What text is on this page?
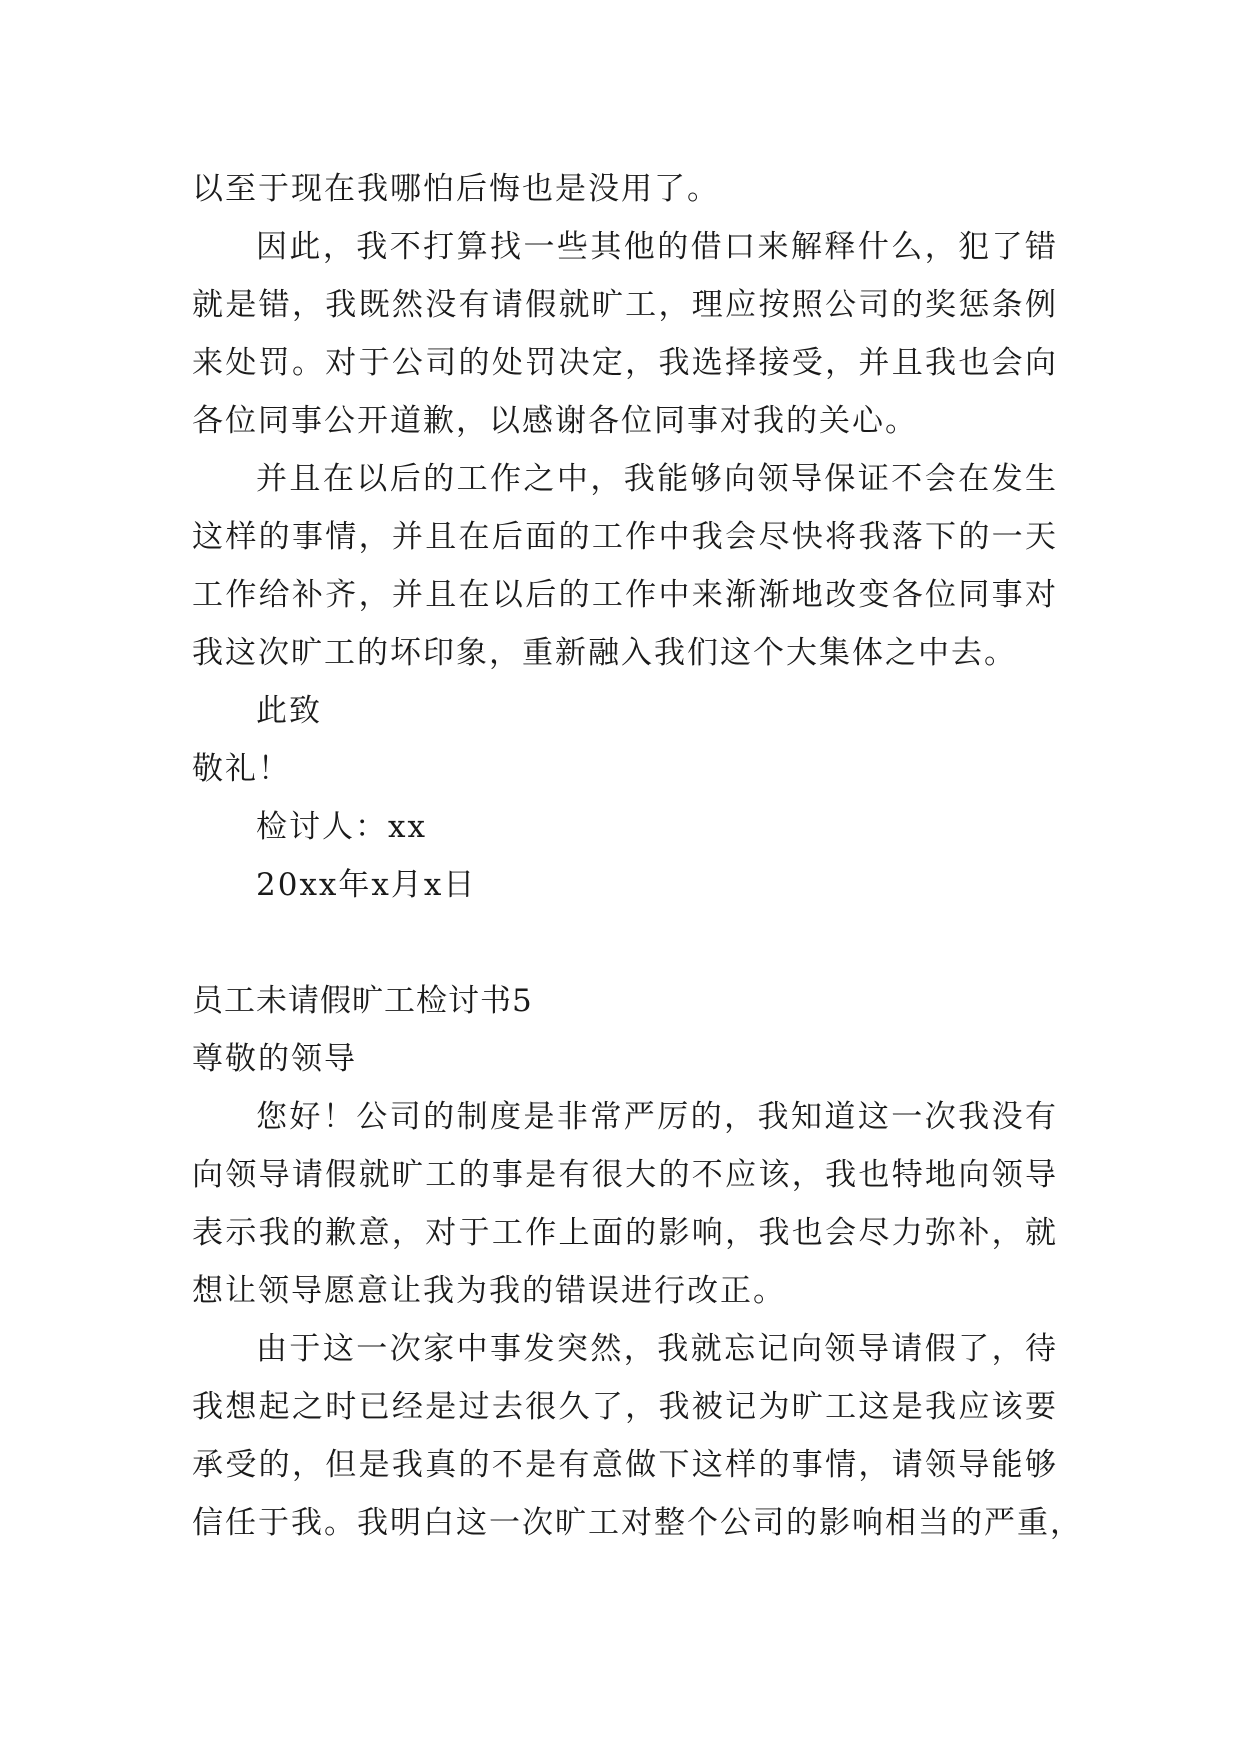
以至于现在我哪怕后悔也是没用了。
因此，我不打算找一些其他的借口来解释什么，犯了错
就是错，我既然没有请假就旷工，理应按照公司的奖惩条例
来处罚。对于公司的处罚决定，我选择接受，并且我也会向
各位同事公开道歉，以感谢各位同事对我的关心。
并且在以后的工作之中，我能够向领导保证不会在发生
这样的事情，并且在后面的工作中我会尽快将我落下的一天
工作给补齐，并且在以后的工作中来渐渐地改变各位同事对
我这次旷工的坏印象，重新融入我们这个大集体之中去。
此致
敬礼！
检讨人：xx
20xx年x月x日
员工未请假旷工检讨书5
尊敬的领导
您好！公司的制度是非常严厉的，我知道这一次我没有
向领导请假就旷工的事是有很大的不应该，我也特地向领导
表示我的歉意，对于工作上面的影响，我也会尽力弥补，就
想让领导愿意让我为我的错误进行改正。
由于这一次家中事发突然，我就忘记向领导请假了，待
我想起之时已经是过去很久了，我被记为旷工这是我应该要
承受的，但是我真的不是有意做下这样的事情，请领导能够
信任于我。我明白这一次旷工对整个公司的影响相当的严重，
